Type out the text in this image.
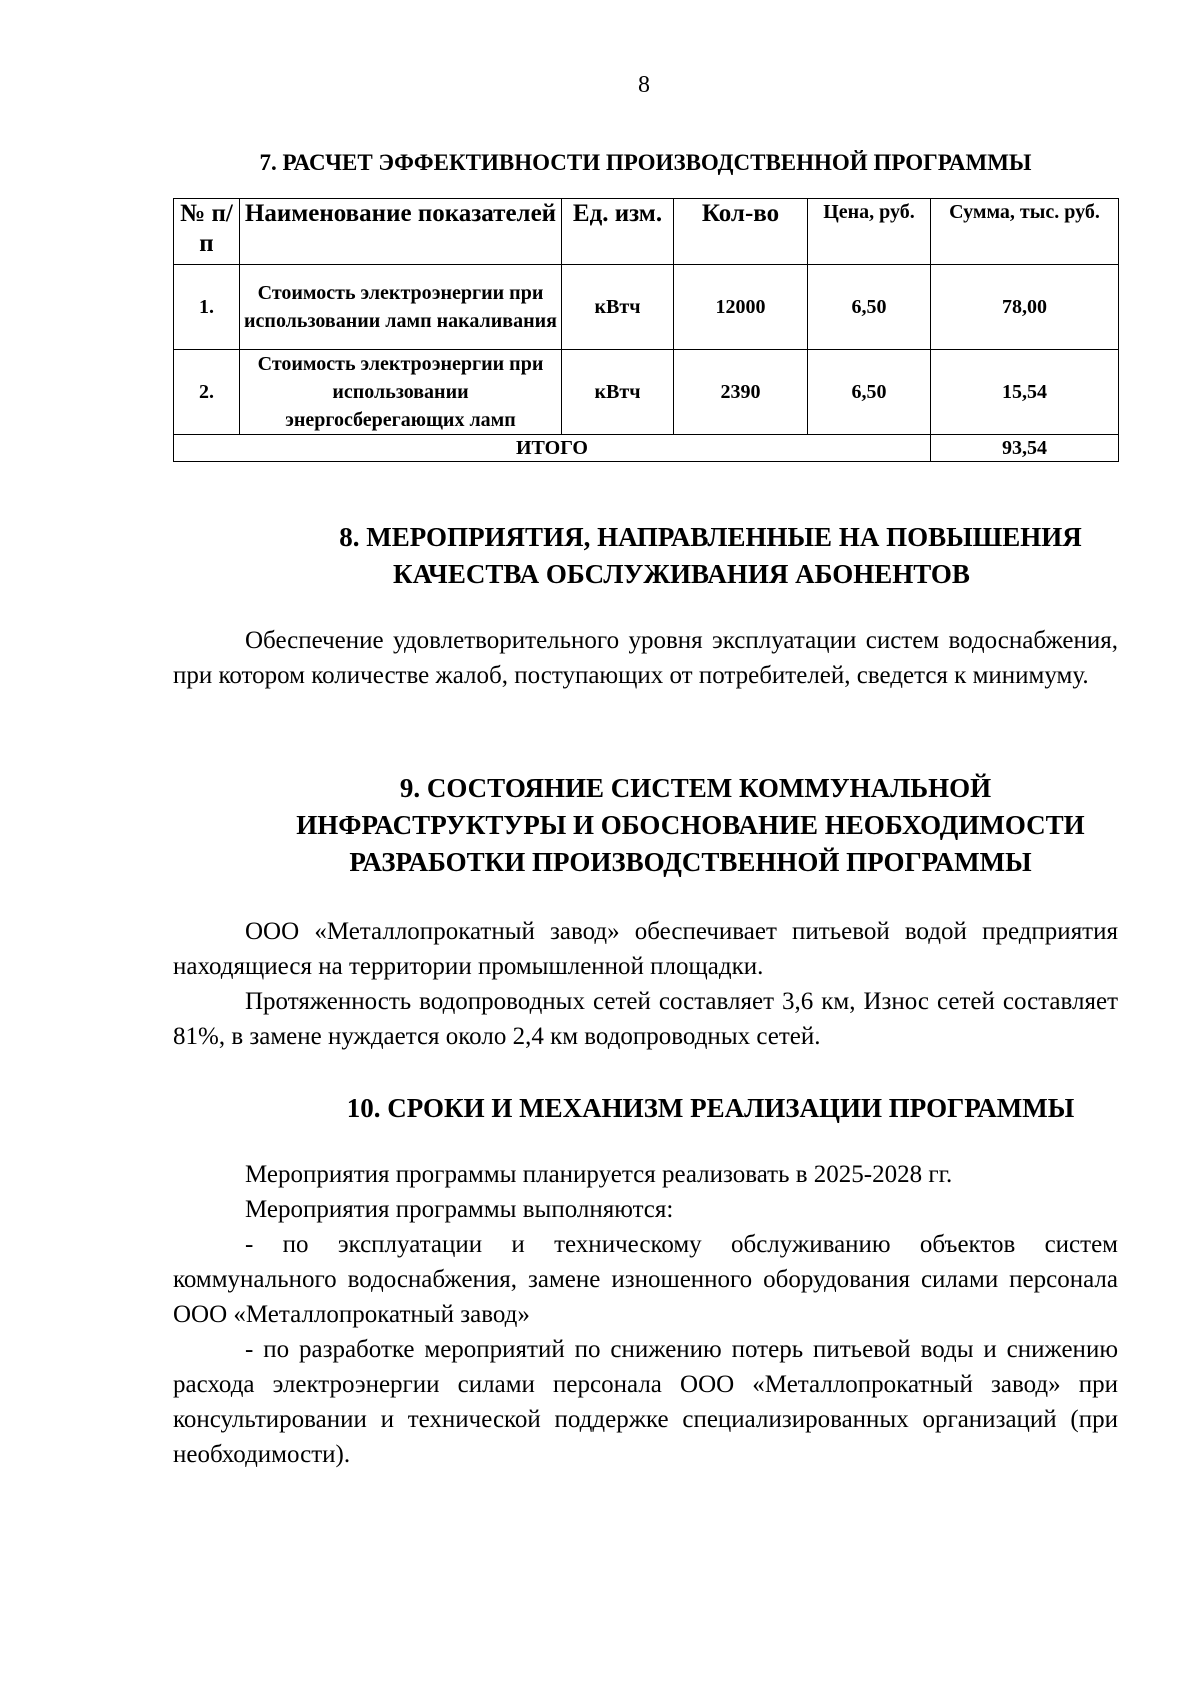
8
7. РАСЧЕТ ЭФФЕКТИВНОСТИ ПРОИЗВОДСТВЕННОЙ ПРОГРАММЫ
№ п/п	Наименование показателей	Ед. изм.	Кол-во	Цена, руб.	Сумма, тыс. руб.
1.	Стоимость электроэнергии при использовании ламп накаливания	кВтч	12000	6,50	78,00
2.	Стоимость электроэнергии при использовании энергосберегающих ламп	кВтч	2390	6,50	15,54
ИТОГО					93,54
8. МЕРОПРИЯТИЯ, НАПРАВЛЕННЫЕ НА ПОВЫШЕНИЯ
КАЧЕСТВА ОБСЛУЖИВАНИЯ АБОНЕНТОВ

Обеспечение удовлетворительного уровня эксплуатации систем водоснабжения, при котором количестве жалоб, поступающих от потребителей, сведется к минимуму.

9. СОСТОЯНИЕ СИСТЕМ КОММУНАЛЬНОЙ
ИНФРАСТРУКТУРЫ И ОБОСНОВАНИЕ НЕОБХОДИМОСТИ
РАЗРАБОТКИ ПРОИЗВОДСТВЕННОЙ ПРОГРАММЫ

ООО «Металлопрокатный завод» обеспечивает питьевой водой предприятия находящиеся на территории промышленной площадки.

Протяженность водопроводных сетей составляет 3,6 км, Износ сетей составляет 81%, в замене нуждается около 2,4 км водопроводных сетей.

10. СРОКИ И МЕХАНИЗМ РЕАЛИЗАЦИИ ПРОГРАММЫ

Мероприятия программы планируется реализовать в 2025-2028 гг.

Мероприятия программы выполняются:

- по эксплуатации и техническому обслуживанию объектов систем коммунального водоснабжения, замене изношенного оборудования силами персонала ООО «Металлопрокатный завод»

- по разработке мероприятий по снижению потерь питьевой воды и снижению расхода электроэнергии силами персонала ООО «Металлопрокатный завод» при консультировании и технической поддержке специализированных организаций (при необходимости).
